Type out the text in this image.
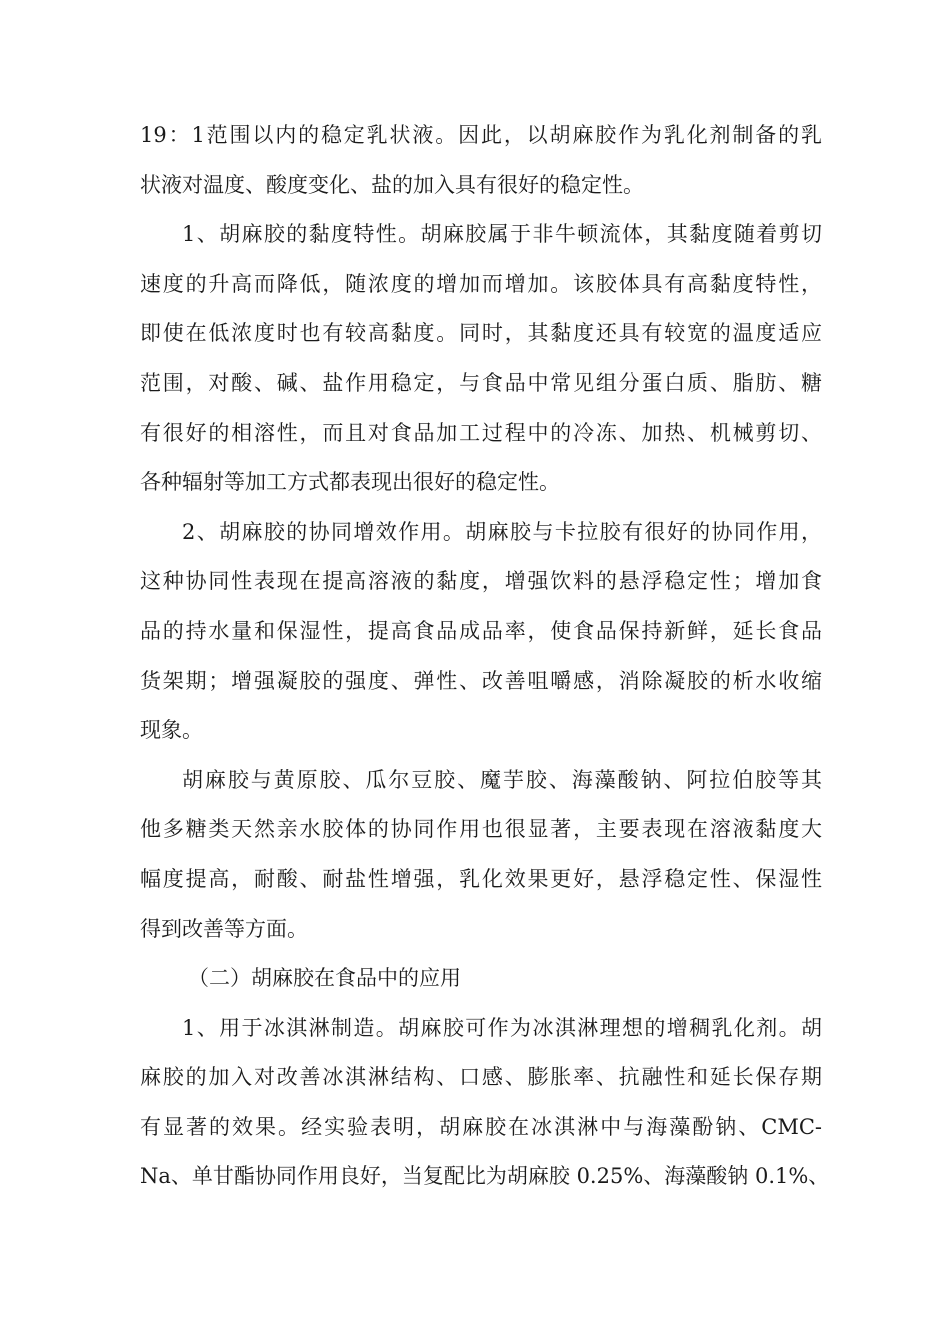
19：1范围以内的稳定乳状液。因此，以胡麻胶作为乳化剂制备的乳
状液对温度、酸度变化、盐的加入具有很好的稳定性。
1、胡麻胶的黏度特性。胡麻胶属于非牛顿流体，其黏度随着剪切
速度的升高而降低，随浓度的增加而增加。该胶体具有高黏度特性，
即使在低浓度时也有较高黏度。同时，其黏度还具有较宽的温度适应
范围，对酸、碱、盐作用稳定，与食品中常见组分蛋白质、脂肪、糖
有很好的相溶性，而且对食品加工过程中的冷冻、加热、机械剪切、
各种辐射等加工方式都表现出很好的稳定性。
2、胡麻胶的协同增效作用。胡麻胶与卡拉胶有很好的协同作用，
这种协同性表现在提高溶液的黏度，增强饮料的悬浮稳定性；增加食
品的持水量和保湿性，提高食品成品率，使食品保持新鲜，延长食品
货架期；增强凝胶的强度、弹性、改善咀嚼感，消除凝胶的析水收缩
现象。
胡麻胶与黄原胶、瓜尔豆胶、魔芋胶、海藻酸钠、阿拉伯胶等其
他多糖类天然亲水胶体的协同作用也很显著，主要表现在溶液黏度大
幅度提高，耐酸、耐盐性增强，乳化效果更好，悬浮稳定性、保湿性
得到改善等方面。
（二）胡麻胶在食品中的应用
1、用于冰淇淋制造。胡麻胶可作为冰淇淋理想的增稠乳化剂。胡
麻胶的加入对改善冰淇淋结构、口感、膨胀率、抗融性和延长保存期
有显著的效果。经实验表明，胡麻胶在冰淇淋中与海藻酚钠、CMC-
Na、单甘酯协同作用良好，当复配比为胡麻胶 0.25%、海藻酸钠 0.1%、
